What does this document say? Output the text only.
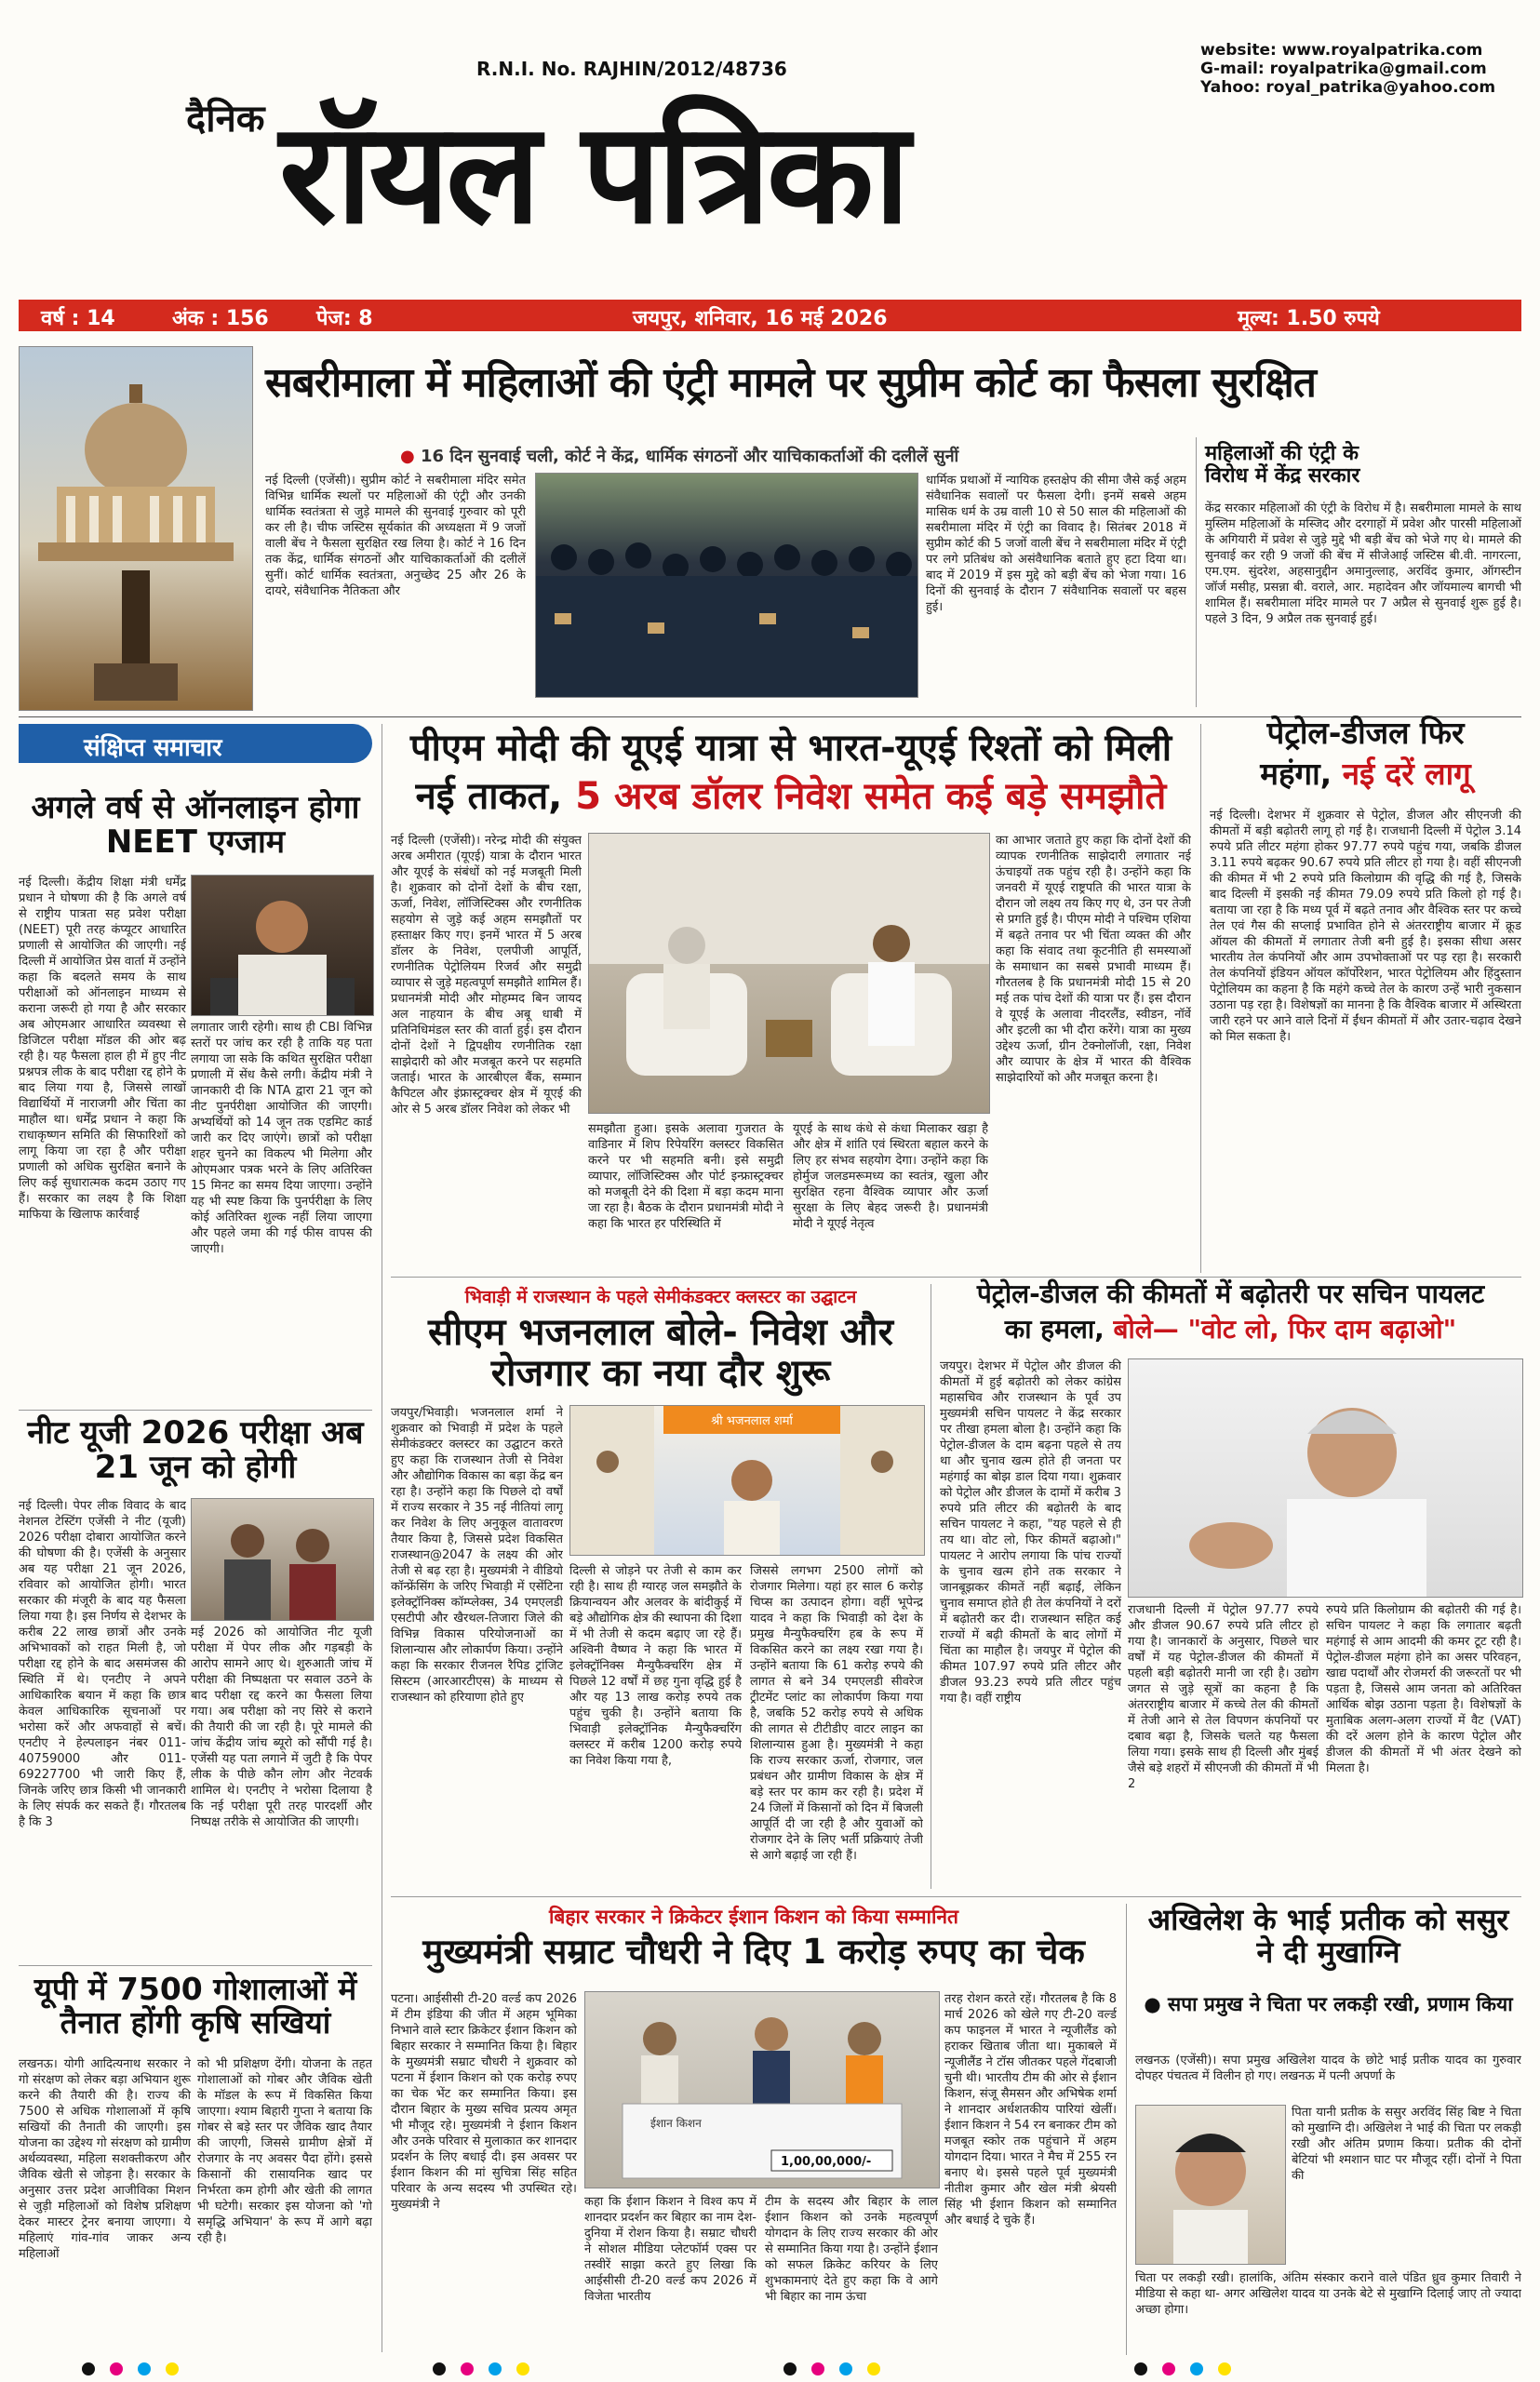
R.N.I. No. RAJHIN/2012/48736
website: www.royalpatrika.com
G-mail: royalpatrika@gmail.com
Yahoo: royal_patrika@yahoo.com
दैनिक रॉयल पत्रिका
वर्ष : 14	अंक : 156 पेज: 8	जयपुर, शनिवार, 16 मई 2026	मूल्य: 1.50 रुपये
सबरीमाला में महिलाओं की एंट्री मामले पर सुप्रीम कोर्ट का फैसला सुरक्षित
● 16 दिन सुनवाई चली, कोर्ट ने केंद्र, धार्मिक संगठनों और याचिकाकर्ताओं की दलीलें सुनीं
नई दिल्ली (एजेंसी)। सुप्रीम कोर्ट ने सबरीमाला मंदिर समेत विभिन्न धार्मिक स्थलों पर महिलाओं की एंट्री और उनकी धार्मिक स्वतंत्रता से जुड़े मामले की सुनवाई गुरुवार को पूरी कर ली है। चीफ जस्टिस सूर्यकांत की अध्यक्षता में 9 जजों वाली बेंच ने फैसला सुरक्षित रख लिया है। कोर्ट ने 16 दिन तक केंद्र, धार्मिक संगठनों और याचिकाकर्ताओं की दलीलें सुनीं। कोर्ट धार्मिक स्वतंत्रता, अनुच्छेद 25 और 26 के दायरे, संवैधानिक नैतिकता और
धार्मिक प्रथाओं में न्यायिक हस्तक्षेप की सीमा जैसे कई अहम संवैधानिक सवालों पर फैसला देगी। इनमें सबसे अहम मासिक धर्म के उम्र वाली 10 से 50 साल की महिलाओं की सबरीमाला मंदिर में एंट्री का विवाद है। सितंबर 2018 में सुप्रीम कोर्ट की 5 जजों वाली बेंच ने सबरीमाला मंदिर में एंट्री पर लगे प्रतिबंध को असंवैधानिक बताते हुए हटा दिया था। बाद में 2019 में इस मुद्दे को बड़ी बेंच को भेजा गया। 16 दिनों की सुनवाई के दौरान 7 संवैधानिक सवालों पर बहस हुई।
महिलाओं की एंट्री के विरोध में केंद्र सरकार
केंद्र सरकार महिलाओं की एंट्री के विरोध में है। सबरीमाला मामले के साथ मुस्लिम महिलाओं के मस्जिद और दरगाहों में प्रवेश और पारसी महिलाओं के अगियारी में प्रवेश से जुड़े मुद्दे भी बड़ी बेंच को भेजे गए थे। मामले की सुनवाई कर रही 9 जजों की बेंच में सीजेआई जस्टिस बी.वी. नागरत्ना, एम.एम. सुंदरेश, अहसानुद्दीन अमानुल्लाह, अरविंद कुमार, ऑगस्टीन जॉर्ज मसीह, प्रसन्ना बी. वराले, आर. महादेवन और जॉयमाल्य बागची भी शामिल हैं। सबरीमाला मंदिर मामले पर 7 अप्रैल से सुनवाई शुरू हुई है। पहले 3 दिन, 9 अप्रैल तक सुनवाई हुई।
संक्षिप्त समाचार
अगले वर्ष से ऑनलाइन होगा NEET एग्जाम
नई दिल्ली। केंद्रीय शिक्षा मंत्री धर्मेंद्र प्रधान ने घोषणा की है कि अगले वर्ष से राष्ट्रीय पात्रता सह प्रवेश परीक्षा (NEET) पूरी तरह कंप्यूटर आधारित प्रणाली से आयोजित की जाएगी। नई दिल्ली में आयोजित प्रेस वार्ता में उन्होंने कहा कि बदलते समय के साथ परीक्षाओं को ऑनलाइन माध्यम से कराना जरूरी हो गया है और सरकार अब ओएमआर आधारित व्यवस्था से डिजिटल परीक्षा मॉडल की ओर बढ़ रही है। यह फैसला हाल ही में हुए नीट प्रश्नपत्र लीक के बाद परीक्षा रद्द होने के बाद लिया गया है, जिससे लाखों विद्यार्थियों में नाराजगी और चिंता का माहौल था। धर्मेंद्र प्रधान ने कहा कि राधाकृष्णन समिति की सिफारिशों को लागू किया जा रहा है और परीक्षा प्रणाली को अधिक सुरक्षित बनाने के लिए कई सुधारात्मक कदम उठाए गए हैं। सरकार का लक्ष्य है कि शिक्षा माफिया के खिलाफ कार्रवाई
लगातार जारी रहेगी। साथ ही CBI विभिन्न स्तरों पर जांच कर रही है ताकि यह पता लगाया जा सके कि कथित सुरक्षित परीक्षा प्रणाली में सेंध कैसे लगी। केंद्रीय मंत्री ने जानकारी दी कि NTA द्वारा 21 जून को नीट पुनर्परीक्षा आयोजित की जाएगी। अभ्यर्थियों को 14 जून तक एडमिट कार्ड जारी कर दिए जाएंगे। छात्रों को परीक्षा शहर चुनने का विकल्प भी मिलेगा और ओएमआर पत्रक भरने के लिए अतिरिक्त 15 मिनट का समय दिया जाएगा। उन्होंने यह भी स्पष्ट किया कि पुनर्परीक्षा के लिए कोई अतिरिक्त शुल्क नहीं लिया जाएगा और पहले जमा की गई फीस वापस की जाएगी।
नीट यूजी 2026 परीक्षा अब 21 जून को होगी
नई दिल्ली। पेपर लीक विवाद के बाद नेशनल टेस्टिंग एजेंसी ने नीट (यूजी) 2026 परीक्षा दोबारा आयोजित करने की घोषणा की है। एजेंसी के अनुसार अब यह परीक्षा 21 जून 2026, रविवार को आयोजित होगी। भारत सरकार की मंजूरी के बाद यह फैसला लिया गया है। इस निर्णय से देशभर के करीब 22 लाख छात्रों और उनके अभिभावकों को राहत मिली है, जो परीक्षा रद्द होने के बाद असमंजस की स्थिति में थे। एनटीए ने अपने आधिकारिक बयान में कहा कि छात्र केवल आधिकारिक सूचनाओं पर भरोसा करें और अफवाहों से बचें। एनटीए ने हेल्पलाइन नंबर 011-40759000 और 011-69227700 भी जारी किए हैं, जिनके जरिए छात्र किसी भी जानकारी के लिए संपर्क कर सकते हैं। गौरतलब है कि 3
मई 2026 को आयोजित नीट यूजी परीक्षा में पेपर लीक और गड़बड़ी के आरोप सामने आए थे। शुरुआती जांच में परीक्षा की निष्पक्षता पर सवाल उठने के बाद परीक्षा रद्द करने का फैसला लिया गया। अब परीक्षा को नए सिरे से कराने की तैयारी की जा रही है। पूरे मामले की जांच केंद्रीय जांच ब्यूरो को सौंपी गई है। एजेंसी यह पता लगाने में जुटी है कि पेपर लीक के पीछे कौन लोग और नेटवर्क शामिल थे। एनटीए ने भरोसा दिलाया है कि नई परीक्षा पूरी तरह पारदर्शी और निष्पक्ष तरीके से आयोजित की जाएगी।
यूपी में 7500 गोशालाओं में तैनात होंगी कृषि सखियां
लखनऊ। योगी आदित्यनाथ सरकार ने गो संरक्षण को लेकर बड़ा अभियान शुरू करने की तैयारी की है। राज्य की 7500 से अधिक गोशालाओं में कृषि सखियों की तैनाती की जाएगी। इस योजना का उद्देश्य गो संरक्षण को ग्रामीण अर्थव्यवस्था, महिला सशक्तीकरण और जैविक खेती से जोड़ना है। सरकार के अनुसार उत्तर प्रदेश आजीविका मिशन से जुड़ी महिलाओं को विशेष प्रशिक्षण देकर मास्टर ट्रेनर बनाया जाएगा। ये महिलाएं गांव-गांव जाकर अन्य महिलाओं
को भी प्रशिक्षण देंगी। योजना के तहत गोशालाओं को गोबर और जैविक खेती के मॉडल के रूप में विकसित किया जाएगा। श्याम बिहारी गुप्ता ने बताया कि गोबर से बड़े स्तर पर जैविक खाद तैयार की जाएगी, जिससे ग्रामीण क्षेत्रों में रोजगार के नए अवसर पैदा होंगे। इससे किसानों की रासायनिक खाद पर निर्भरता कम होगी और खेती की लागत भी घटेगी। सरकार इस योजना को 'गो समृद्धि अभियान' के रूप में आगे बढ़ा रही है।
पीएम मोदी की यूएई यात्रा से भारत-यूएई रिश्तों को मिली
नई ताकत, 5 अरब डॉलर निवेश समेत कई बड़े समझौते
नई दिल्ली (एजेंसी)। नरेन्द्र मोदी की संयुक्त अरब अमीरात (यूएई) यात्रा के दौरान भारत और यूएई के संबंधों को नई मजबूती मिली है। शुक्रवार को दोनों देशों के बीच रक्षा, ऊर्जा, निवेश, लॉजिस्टिक्स और रणनीतिक सहयोग से जुड़े कई अहम समझौतों पर हस्ताक्षर किए गए। इनमें भारत में 5 अरब डॉलर के निवेश, एलपीजी आपूर्ति, रणनीतिक पेट्रोलियम रिजर्व और समुद्री व्यापार से जुड़े महत्वपूर्ण समझौते शामिल हैं। प्रधानमंत्री मोदी और मोहम्मद बिन जायद अल नाहयान के बीच अबू धाबी में प्रतिनिधिमंडल स्तर की वार्ता हुई। इस दौरान दोनों देशों ने द्विपक्षीय रणनीतिक रक्षा साझेदारी को और मजबूत करने पर सहमति जताई। भारत के आरबीएल बैंक, सम्मान कैपिटल और इंफ्रास्ट्रक्चर क्षेत्र में यूएई की ओर से 5 अरब डॉलर निवेश को लेकर भी
समझौता हुआ। इसके अलावा गुजरात के वाडिनार में शिप रिपेयरिंग क्लस्टर विकसित करने पर भी सहमति बनी। इसे समुद्री व्यापार, लॉजिस्टिक्स और पोर्ट इन्फ्रास्ट्रक्चर को मजबूती देने की दिशा में बड़ा कदम माना जा रहा है। बैठक के दौरान प्रधानमंत्री मोदी ने कहा कि भारत हर परिस्थिति में
यूएई के साथ कंधे से कंधा मिलाकर खड़ा है और क्षेत्र में शांति एवं स्थिरता बहाल करने के लिए हर संभव सहयोग देगा। उन्होंने कहा कि होर्मुज जलडमरूमध्य का स्वतंत्र, खुला और सुरक्षित रहना वैश्विक व्यापार और ऊर्जा सुरक्षा के लिए बेहद जरूरी है। प्रधानमंत्री मोदी ने यूएई नेतृत्व
का आभार जताते हुए कहा कि दोनों देशों की व्यापक रणनीतिक साझेदारी लगातार नई ऊंचाइयों तक पहुंच रही है। उन्होंने कहा कि जनवरी में यूएई राष्ट्रपति की भारत यात्रा के दौरान जो लक्ष्य तय किए गए थे, उन पर तेजी से प्रगति हुई है। पीएम मोदी ने पश्चिम एशिया में बढ़ते तनाव पर भी चिंता व्यक्त की और कहा कि संवाद तथा कूटनीति ही समस्याओं के समाधान का सबसे प्रभावी माध्यम हैं। गौरतलब है कि प्रधानमंत्री मोदी 15 से 20 मई तक पांच देशों की यात्रा पर हैं। इस दौरान वे यूएई के अलावा नीदरलैंड, स्वीडन, नॉर्वे और इटली का भी दौरा करेंगे। यात्रा का मुख्य उद्देश्य ऊर्जा, ग्रीन टेक्नोलॉजी, रक्षा, निवेश और व्यापार के क्षेत्र में भारत की वैश्विक साझेदारियों को और मजबूत करना है।
पेट्रोल-डीजल फिर
महंगा, नई दरें लागू
नई दिल्ली। देशभर में शुक्रवार से पेट्रोल, डीजल और सीएनजी की कीमतों में बड़ी बढ़ोतरी लागू हो गई है। राजधानी दिल्ली में पेट्रोल 3.14 रुपये प्रति लीटर महंगा होकर 97.77 रुपये पहुंच गया, जबकि डीजल 3.11 रुपये बढ़कर 90.67 रुपये प्रति लीटर हो गया है। वहीं सीएनजी की कीमत में भी 2 रुपये प्रति किलोग्राम की वृद्धि की गई है, जिसके बाद दिल्ली में इसकी नई कीमत 79.09 रुपये प्रति किलो हो गई है। बताया जा रहा है कि मध्य पूर्व में बढ़ते तनाव और वैश्विक स्तर पर कच्चे तेल एवं गैस की सप्लाई प्रभावित होने से अंतरराष्ट्रीय बाजार में क्रूड ऑयल की कीमतों में लगातार तेजी बनी हुई है। इसका सीधा असर भारतीय तेल कंपनियों और आम उपभोक्ताओं पर पड़ रहा है। सरकारी तेल कंपनियों इंडियन ऑयल कॉर्पोरेशन, भारत पेट्रोलियम और हिंदुस्तान पेट्रोलियम का कहना है कि महंगे कच्चे तेल के कारण उन्हें भारी नुकसान उठाना पड़ रहा है। विशेषज्ञों का मानना है कि वैश्विक बाजार में अस्थिरता जारी रहने पर आने वाले दिनों में ईंधन कीमतों में और उतार-चढ़ाव देखने को मिल सकता है।
भिवाड़ी में राजस्थान के पहले सेमीकंडक्टर क्लस्टर का उद्घाटन
सीएम भजनलाल बोले- निवेश और रोजगार का नया दौर शुरू
जयपुर/भिवाड़ी। भजनलाल शर्मा ने शुक्रवार को भिवाड़ी में प्रदेश के पहले सेमीकंडक्टर क्लस्टर का उद्घाटन करते हुए कहा कि राजस्थान तेजी से निवेश और औद्योगिक विकास का बड़ा केंद्र बन रहा है। उन्होंने कहा कि पिछले दो वर्षों में राज्य सरकार ने 35 नई नीतियां लागू कर निवेश के लिए अनुकूल वातावरण तैयार किया है, जिससे प्रदेश विकसित राजस्थान@2047 के लक्ष्य की ओर तेजी से बढ़ रहा है। मुख्यमंत्री ने वीडियो कॉन्फ्रेंसिंग के जरिए भिवाड़ी में एसेंटिना इलेक्ट्रॉनिक्स कॉम्प्लेक्स, 34 एमएलडी एसटीपी और खैरथल-तिजारा जिले की विभिन्न विकास परियोजनाओं का शिलान्यास और लोकार्पण किया। उन्होंने कहा कि सरकार रीजनल रैपिड ट्रांजिट सिस्टम (आरआरटीएस) के माध्यम से राजस्थान को हरियाणा होते हुए
श्री भजनलाल शर्मा
दिल्ली से जोड़ने पर तेजी से काम कर रही है। साथ ही ग्यारह जल समझौते के क्रियान्वयन और अलवर के बांदीकुई में बड़े औद्योगिक क्षेत्र की स्थापना की दिशा में भी तेजी से कदम बढ़ाए जा रहे हैं। अश्विनी वैष्णव ने कहा कि भारत में इलेक्ट्रॉनिक्स मैन्युफैक्चरिंग क्षेत्र में पिछले 12 वर्षों में छह गुना वृद्धि हुई है और यह 13 लाख करोड़ रुपये तक पहुंच चुकी है। उन्होंने बताया कि भिवाड़ी इलेक्ट्रॉनिक मैन्युफैक्चरिंग क्लस्टर में करीब 1200 करोड़ रुपये का निवेश किया गया है,
जिससे लगभग 2500 लोगों को रोजगार मिलेगा। यहां हर साल 6 करोड़ चिप्स का उत्पादन होगा। वहीं भूपेन्द्र यादव ने कहा कि भिवाड़ी को देश के प्रमुख मैन्युफैक्चरिंग हब के रूप में विकसित करने का लक्ष्य रखा गया है। उन्होंने बताया कि 61 करोड़ रुपये की लागत से बने 34 एमएलडी सीवरेज ट्रीटमेंट प्लांट का लोकार्पण किया गया है, जबकि 52 करोड़ रुपये से अधिक की लागत से टीटीडीए वाटर लाइन का शिलान्यास हुआ है। मुख्यमंत्री ने कहा कि राज्य सरकार ऊर्जा, रोजगार, जल प्रबंधन और ग्रामीण विकास के क्षेत्र में बड़े स्तर पर काम कर रही है। प्रदेश में 24 जिलों में किसानों को दिन में बिजली आपूर्ति दी जा रही है और युवाओं को रोजगार देने के लिए भर्ती प्रक्रियाएं तेजी से आगे बढ़ाई जा रही हैं।
पेट्रोल-डीजल की कीमतों में बढ़ोतरी पर सचिन पायलट
का हमला, बोले— "वोट लो, फिर दाम बढ़ाओ"
जयपुर। देशभर में पेट्रोल और डीजल की कीमतों में हुई बढ़ोतरी को लेकर कांग्रेस महासचिव और राजस्थान के पूर्व उप मुख्यमंत्री सचिन पायलट ने केंद्र सरकार पर तीखा हमला बोला है। उन्होंने कहा कि पेट्रोल-डीजल के दाम बढ़ना पहले से तय था और चुनाव खत्म होते ही जनता पर महंगाई का बोझ डाल दिया गया। शुक्रवार को पेट्रोल और डीजल के दामों में करीब 3 रुपये प्रति लीटर की बढ़ोतरी के बाद सचिन पायलट ने कहा, "यह पहले से ही तय था। वोट लो, फिर कीमतें बढ़ाओ।" पायलट ने आरोप लगाया कि पांच राज्यों के चुनाव खत्म होने तक सरकार ने जानबूझकर कीमतें नहीं बढ़ाईं, लेकिन चुनाव समाप्त होते ही तेल कंपनियों ने दरों में बढ़ोतरी कर दी। राजस्थान सहित कई राज्यों में बढ़ी कीमतों के बाद लोगों में चिंता का माहौल है। जयपुर में पेट्रोल की कीमत 107.97 रुपये प्रति लीटर और डीजल 93.23 रुपये प्रति लीटर पहुंच गया है। वहीं राष्ट्रीय
राजधानी दिल्ली में पेट्रोल 97.77 रुपये और डीजल 90.67 रुपये प्रति लीटर हो गया है। जानकारों के अनुसार, पिछले चार वर्षों में यह पेट्रोल-डीजल की कीमतों में पहली बड़ी बढ़ोतरी मानी जा रही है। उद्योग जगत से जुड़े सूत्रों का कहना है कि अंतरराष्ट्रीय बाजार में कच्चे तेल की कीमतों में तेजी आने से तेल विपणन कंपनियों पर दबाव बढ़ा है, जिसके चलते यह फैसला लिया गया। इसके साथ ही दिल्ली और मुंबई जैसे बड़े शहरों में सीएनजी की कीमतों में भी 2
रुपये प्रति किलोग्राम की बढ़ोतरी की गई है। सचिन पायलट ने कहा कि लगातार बढ़ती महंगाई से आम आदमी की कमर टूट रही है। पेट्रोल-डीजल महंगा होने का असर परिवहन, खाद्य पदार्थों और रोजमर्रा की जरूरतों पर भी पड़ता है, जिससे आम जनता को अतिरिक्त आर्थिक बोझ उठाना पड़ता है। विशेषज्ञों के मुताबिक अलग-अलग राज्यों में वैट (VAT) की दरें अलग होने के कारण पेट्रोल और डीजल की कीमतों में भी अंतर देखने को मिलता है।
बिहार सरकार ने क्रिकेटर ईशान किशन को किया सम्मानित
मुख्यमंत्री सम्राट चौधरी ने दिए 1 करोड़ रुपए का चेक
पटना। आईसीसी टी-20 वर्ल्ड कप 2026 में टीम इंडिया की जीत में अहम भूमिका निभाने वाले स्टार क्रिकेटर ईशान किशन को बिहार सरकार ने सम्मानित किया है। बिहार के मुख्यमंत्री सम्राट चौधरी ने शुक्रवार को पटना में ईशान किशन को एक करोड़ रुपए का चेक भेंट कर सम्मानित किया। इस दौरान बिहार के मुख्य सचिव प्रत्यय अमृत भी मौजूद रहे। मुख्यमंत्री ने ईशान किशन और उनके परिवार से मुलाकात कर शानदार प्रदर्शन के लिए बधाई दी। इस अवसर पर ईशान किशन की मां सुचित्रा सिंह सहित परिवार के अन्य सदस्य भी उपस्थित रहे। मुख्यमंत्री ने
ईशान किशन
1,00,00,000/-
कहा कि ईशान किशन ने विश्व कप में शानदार प्रदर्शन कर बिहार का नाम देश-दुनिया में रोशन किया है। सम्राट चौधरी ने सोशल मीडिया प्लेटफॉर्म एक्स पर तस्वीरें साझा करते हुए लिखा कि आईसीसी टी-20 वर्ल्ड कप 2026 में विजेता भारतीय
टीम के सदस्य और बिहार के लाल ईशान किशन को उनके महत्वपूर्ण योगदान के लिए राज्य सरकार की ओर से सम्मानित किया गया है। उन्होंने ईशान को सफल क्रिकेट करियर के लिए शुभकामनाएं देते हुए कहा कि वे आगे भी बिहार का नाम ऊंचा
तरह रोशन करते रहें। गौरतलब है कि 8 मार्च 2026 को खेले गए टी-20 वर्ल्ड कप फाइनल में भारत ने न्यूजीलैंड को हराकर खिताब जीता था। मुकाबले में न्यूजीलैंड ने टॉस जीतकर पहले गेंदबाजी चुनी थी। भारतीय टीम की ओर से ईशान किशन, संजू सैमसन और अभिषेक शर्मा ने शानदार अर्धशतकीय पारियां खेलीं। ईशान किशन ने 54 रन बनाकर टीम को मजबूत स्कोर तक पहुंचाने में अहम योगदान दिया। भारत ने मैच में 255 रन बनाए थे। इससे पहले पूर्व मुख्यमंत्री नीतीश कुमार और खेल मंत्री श्रेयसी सिंह भी ईशान किशन को सम्मानित और बधाई दे चुके हैं।
अखिलेश के भाई प्रतीक को ससुर ने दी मुखाग्नि
● सपा प्रमुख ने चिता पर लकड़ी रखी, प्रणाम किया
लखनऊ (एजेंसी)। सपा प्रमुख अखिलेश यादव के छोटे भाई प्रतीक यादव का गुरुवार दोपहर पंचतत्व में विलीन हो गए। लखनऊ में पत्नी अपर्णा के
पिता यानी प्रतीक के ससुर अरविंद सिंह बिष्ट ने चिता को मुखाग्नि दी। अखिलेश ने भाई की चिता पर लकड़ी रखी और अंतिम प्रणाम किया। प्रतीक की दोनों बेटियां भी श्मशान घाट पर मौजूद रहीं। दोनों ने पिता की
चिता पर लकड़ी रखी। हालांकि, अंतिम संस्कार कराने वाले पंडित ध्रुव कुमार तिवारी ने मीडिया से कहा था- अगर अखिलेश यादव या उनके बेटे से मुखाग्नि दिलाई जाए तो ज्यादा अच्छा होगा।
